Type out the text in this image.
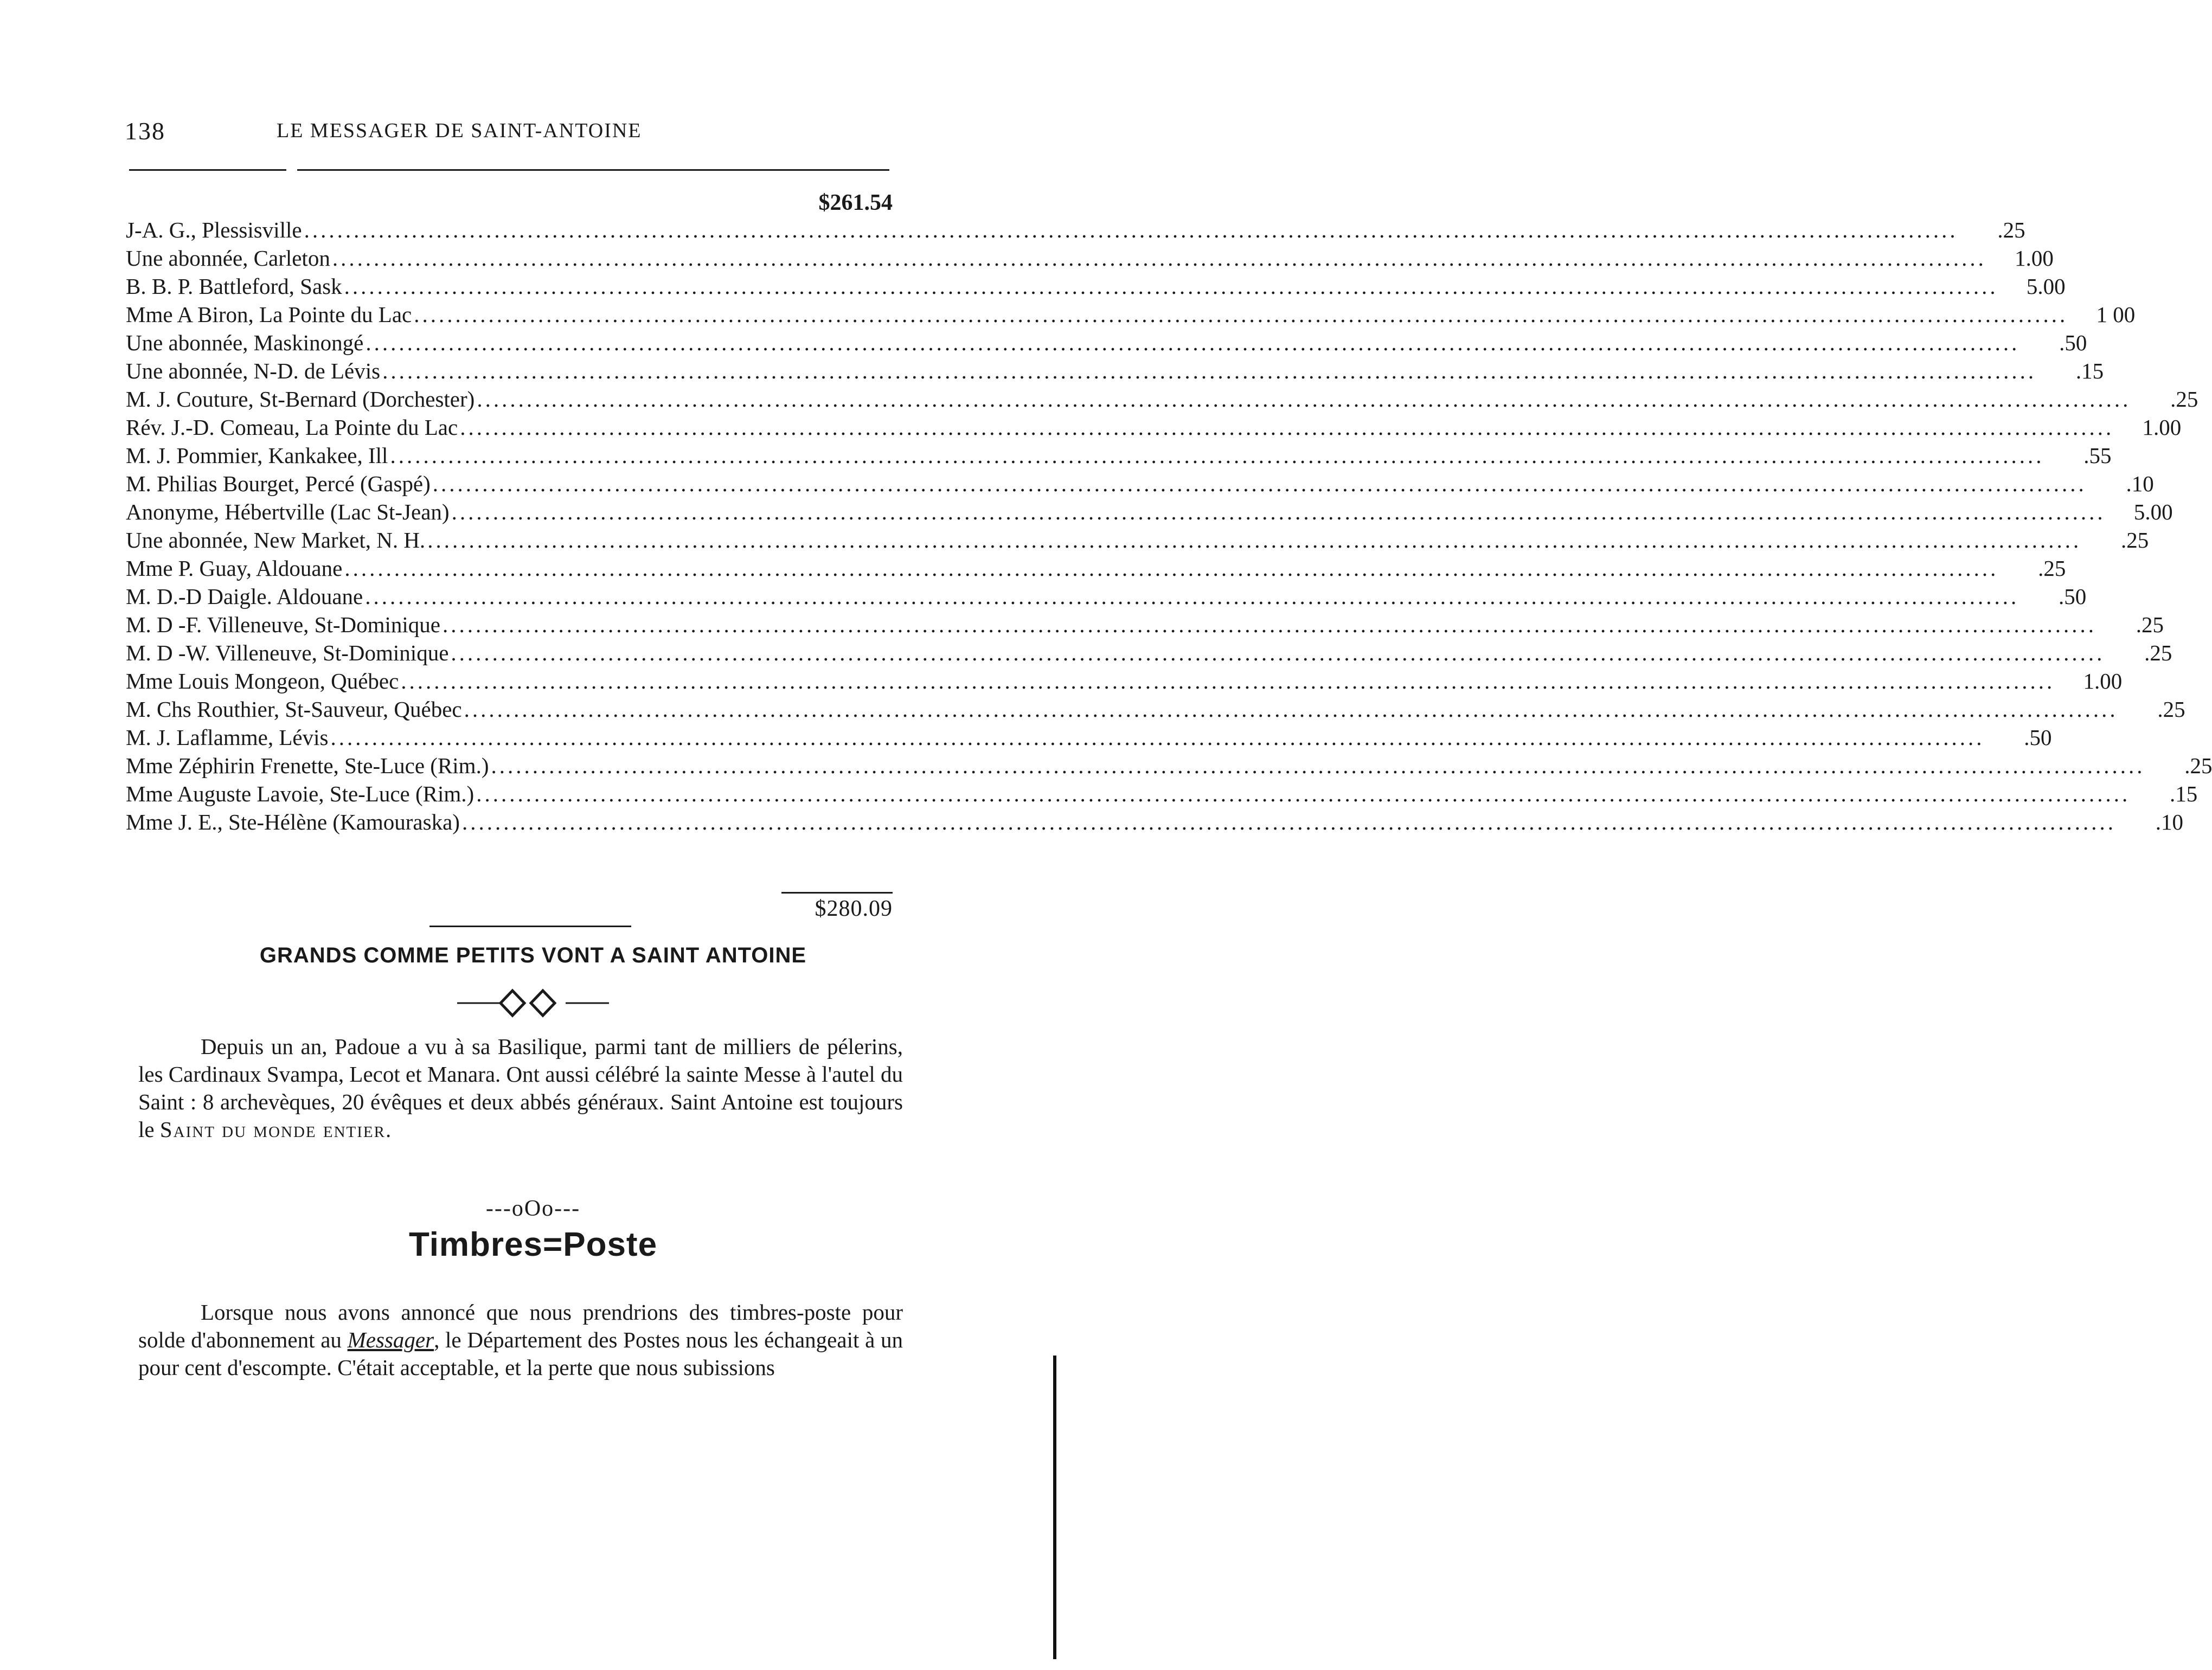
138	LE MESSAGER DE SAINT-ANTOINE
$261.54
J-A. G., Plessisville ........................................................................................................................................................................................................	.25
Une abonnée, Carleton ........................................................................................................................................................................................................	1.00
B. B. P. Battleford, Sask ........................................................................................................................................................................................................	5.00
Mme A Biron, La Pointe du Lac ........................................................................................................................................................................................................	1 00
Une abonnée, Maskinongé ........................................................................................................................................................................................................	.50
Une abonnée, N-D. de Lévis ........................................................................................................................................................................................................	.15
M. J. Couture, St-Bernard (Dorchester) ........................................................................................................................................................................................................	.25
Rév. J.-D. Comeau, La Pointe du Lac ........................................................................................................................................................................................................	1.00
M. J. Pommier, Kankakee, Ill ........................................................................................................................................................................................................	.55
M. Philias Bourget, Percé (Gaspé) ........................................................................................................................................................................................................	.10
Anonyme, Hébertville (Lac St-Jean) ........................................................................................................................................................................................................	5.00
Une abonnée, New Market, N. H. ........................................................................................................................................................................................................	.25
Mme P. Guay, Aldouane ........................................................................................................................................................................................................	.25
M. D.-D Daigle. Aldouane ........................................................................................................................................................................................................	.50
M. D -F. Villeneuve, St-Dominique ........................................................................................................................................................................................................	.25
M. D -W. Villeneuve, St-Dominique ........................................................................................................................................................................................................	.25
Mme Louis Mongeon, Québec ........................................................................................................................................................................................................	1.00
M. Chs Routhier, St-Sauveur, Québec ........................................................................................................................................................................................................	.25
M. J. Laflamme, Lévis ........................................................................................................................................................................................................	.50
Mme Zéphirin Frenette, Ste-Luce (Rim.) ........................................................................................................................................................................................................	.25
Mme Auguste Lavoie, Ste-Luce (Rim.) ........................................................................................................................................................................................................	.15
Mme J. E., Ste-Hélène (Kamouraska) ........................................................................................................................................................................................................	.10
$280.09
GRANDS COMME PETITS VONT A SAINT ANTOINE

Depuis un an, Padoue a vu à sa Basilique, parmi tant de milliers de pélerins, les Cardinaux Svampa, Lecot et Manara. Ont aussi célébré la sainte Messe à l'autel du Saint : 8 archevèques, 20 évêques et deux abbés généraux. Saint Antoine est toujours le Saint du monde entier.

---oOo---
Timbres=Poste

Lorsque nous avons annoncé que nous prendrions des timbres-poste pour solde d'abonnement au Messager, le Département des Postes nous les échangeait à un pour cent d'escompte. C'était acceptable, et la perte que nous subissions
